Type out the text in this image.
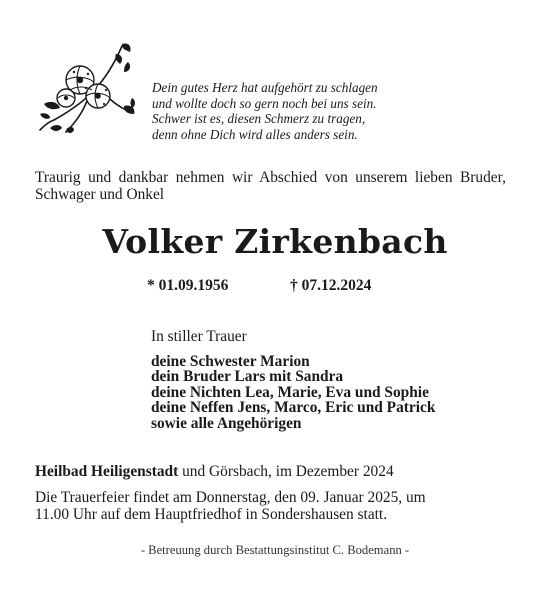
Dein gutes Herz hat aufgehört zu schlagen
und wollte doch so gern noch bei uns sein.
Schwer ist es, diesen Schmerz zu tragen,
denn ohne Dich wird alles anders sein.
Traurig und dankbar nehmen wir Abschied von unserem lieben Bruder, Schwager und Onkel
Volker Zirkenbach
* 01.09.1956	† 07.12.2024
In stiller Trauer
deine Schwester Marion
dein Bruder Lars mit Sandra
deine Nichten Lea, Marie, Eva und Sophie
deine Neffen Jens, Marco, Eric und Patrick
sowie alle Angehörigen
Heilbad Heiligenstadt und Görsbach, im Dezember 2024
Die Trauerfeier findet am Donnerstag, den 09. Januar 2025, um
11.00 Uhr auf dem Hauptfriedhof in Sondershausen statt.
- Betreuung durch Bestattungsinstitut C. Bodemann -
